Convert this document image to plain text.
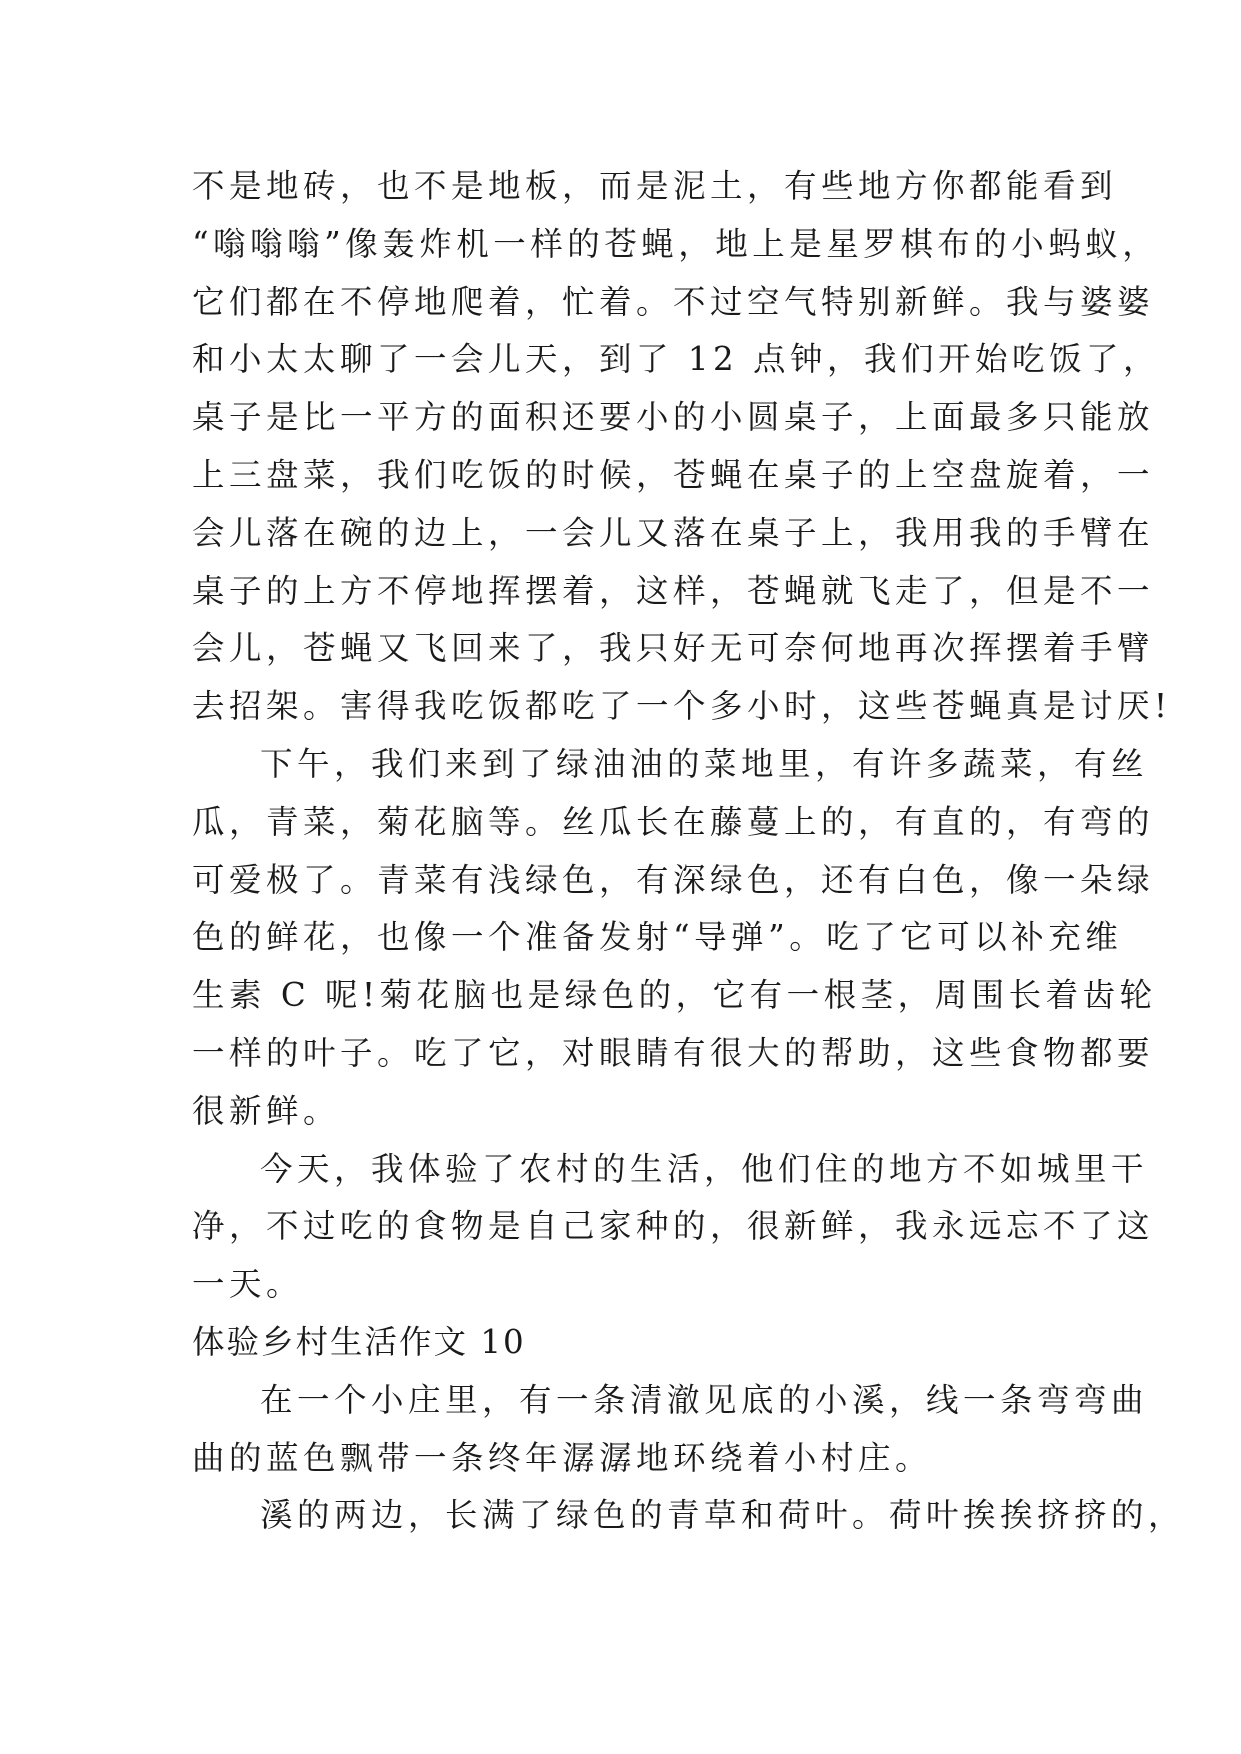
不是地砖，也不是地板，而是泥土，有些地方你都能看到
“嗡嗡嗡”像轰炸机一样的苍蝇，地上是星罗棋布的小蚂蚁，
它们都在不停地爬着，忙着。不过空气特别新鲜。我与婆婆
和小太太聊了一会儿天，到了 12 点钟，我们开始吃饭了，
桌子是比一平方的面积还要小的小圆桌子，上面最多只能放
上三盘菜，我们吃饭的时候，苍蝇在桌子的上空盘旋着，一
会儿落在碗的边上，一会儿又落在桌子上，我用我的手臂在
桌子的上方不停地挥摆着，这样，苍蝇就飞走了，但是不一
会儿，苍蝇又飞回来了，我只好无可奈何地再次挥摆着手臂
去招架。害得我吃饭都吃了一个多小时，这些苍蝇真是讨厌!
下午，我们来到了绿油油的菜地里，有许多蔬菜，有丝
瓜，青菜，菊花脑等。丝瓜长在藤蔓上的，有直的，有弯的
可爱极了。青菜有浅绿色，有深绿色，还有白色，像一朵绿
色的鲜花，也像一个准备发射“导弹”。吃了它可以补充维
生素 C 呢!菊花脑也是绿色的，它有一根茎，周围长着齿轮
一样的叶子。吃了它，对眼睛有很大的帮助，这些食物都要
很新鲜。
今天，我体验了农村的生活，他们住的地方不如城里干
净，不过吃的食物是自己家种的，很新鲜，我永远忘不了这
一天。
体验乡村生活作文 10
在一个小庄里，有一条清澈见底的小溪，线一条弯弯曲
曲的蓝色飘带一条终年潺潺地环绕着小村庄。
溪的两边，长满了绿色的青草和荷叶。荷叶挨挨挤挤的，
